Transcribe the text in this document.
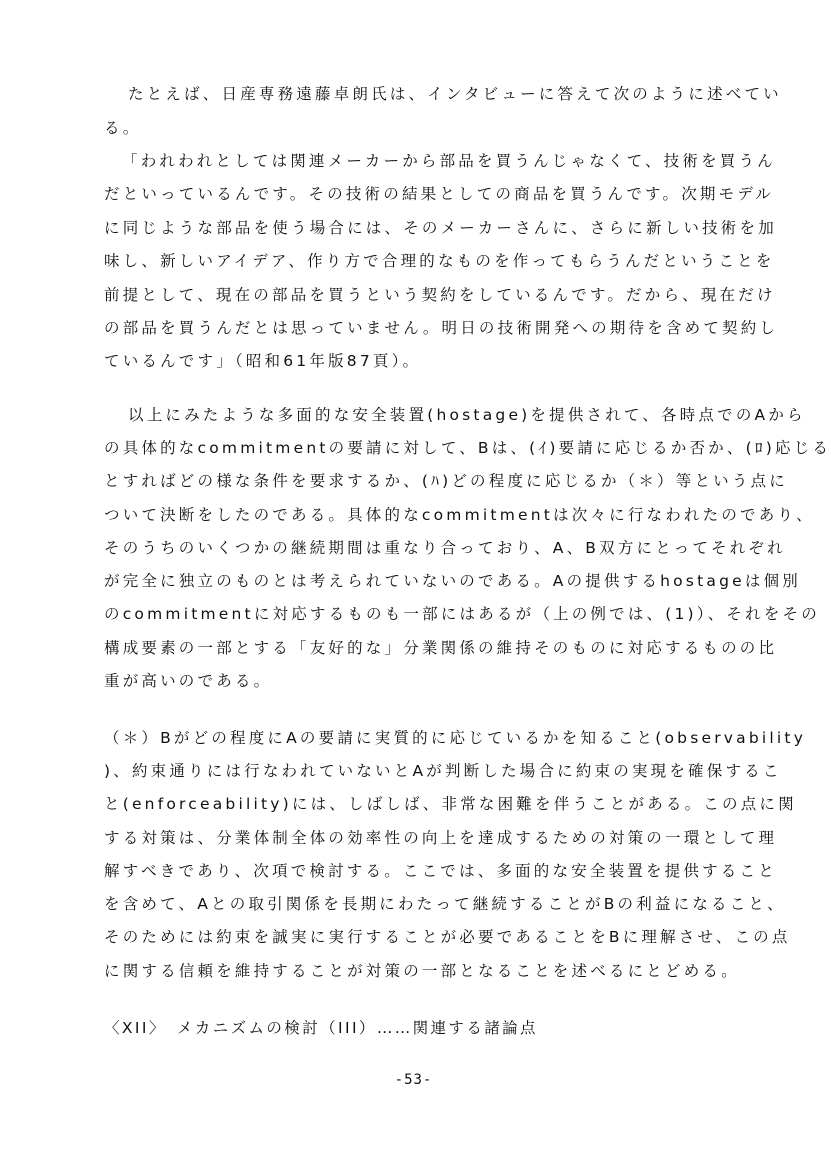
たとえば、日産専務遠藤卓朗氏は、インタビューに答えて次のように述べてい
る。
「われわれとしては関連メーカーから部品を買うんじゃなくて、技術を買うん
だといっているんです。その技術の結果としての商品を買うんです。次期モデル
に同じような部品を使う場合には、そのメーカーさんに、さらに新しい技術を加
味し、新しいアイデア、作り方で合理的なものを作ってもらうんだということを
前提として、現在の部品を買うという契約をしているんです。だから、現在だけ
の部品を買うんだとは思っていません。明日の技術開発への期待を含めて契約し
ているんです」（昭和61年版87頁）。
以上にみたような多面的な安全装置(hostage)を提供されて、各時点でのAから
の具体的なcommitmentの要請に対して、Bは、(ｲ)要請に応じるか否か、(ﾛ)応じる
とすればどの様な条件を要求するか、(ﾊ)どの程度に応じるか（＊）等という点に
ついて決断をしたのである。具体的なcommitmentは次々に行なわれたのであり、
そのうちのいくつかの継続期間は重なり合っており、A、B双方にとってそれぞれ
が完全に独立のものとは考えられていないのである。Aの提供するhostageは個別
のcommitmentに対応するものも一部にはあるが（上の例では、(1)）、それをその
構成要素の一部とする「友好的な」分業関係の維持そのものに対応するものの比
重が高いのである。
（＊）Bがどの程度にAの要請に実質的に応じているかを知ること(observability
)、約束通りには行なわれていないとAが判断した場合に約束の実現を確保するこ
と(enforceability)には、しばしば、非常な困難を伴うことがある。この点に関
する対策は、分業体制全体の効率性の向上を達成するための対策の一環として理
解すべきであり、次項で検討する。ここでは、多面的な安全装置を提供すること
を含めて、Aとの取引関係を長期にわたって継続することがBの利益になること、
そのためには約束を誠実に実行することが必要であることをBに理解させ、この点
に関する信頼を維持することが対策の一部となることを述べるにとどめる。
〈XII〉　メカニズムの検討（III）……関連する諸論点
-53-
